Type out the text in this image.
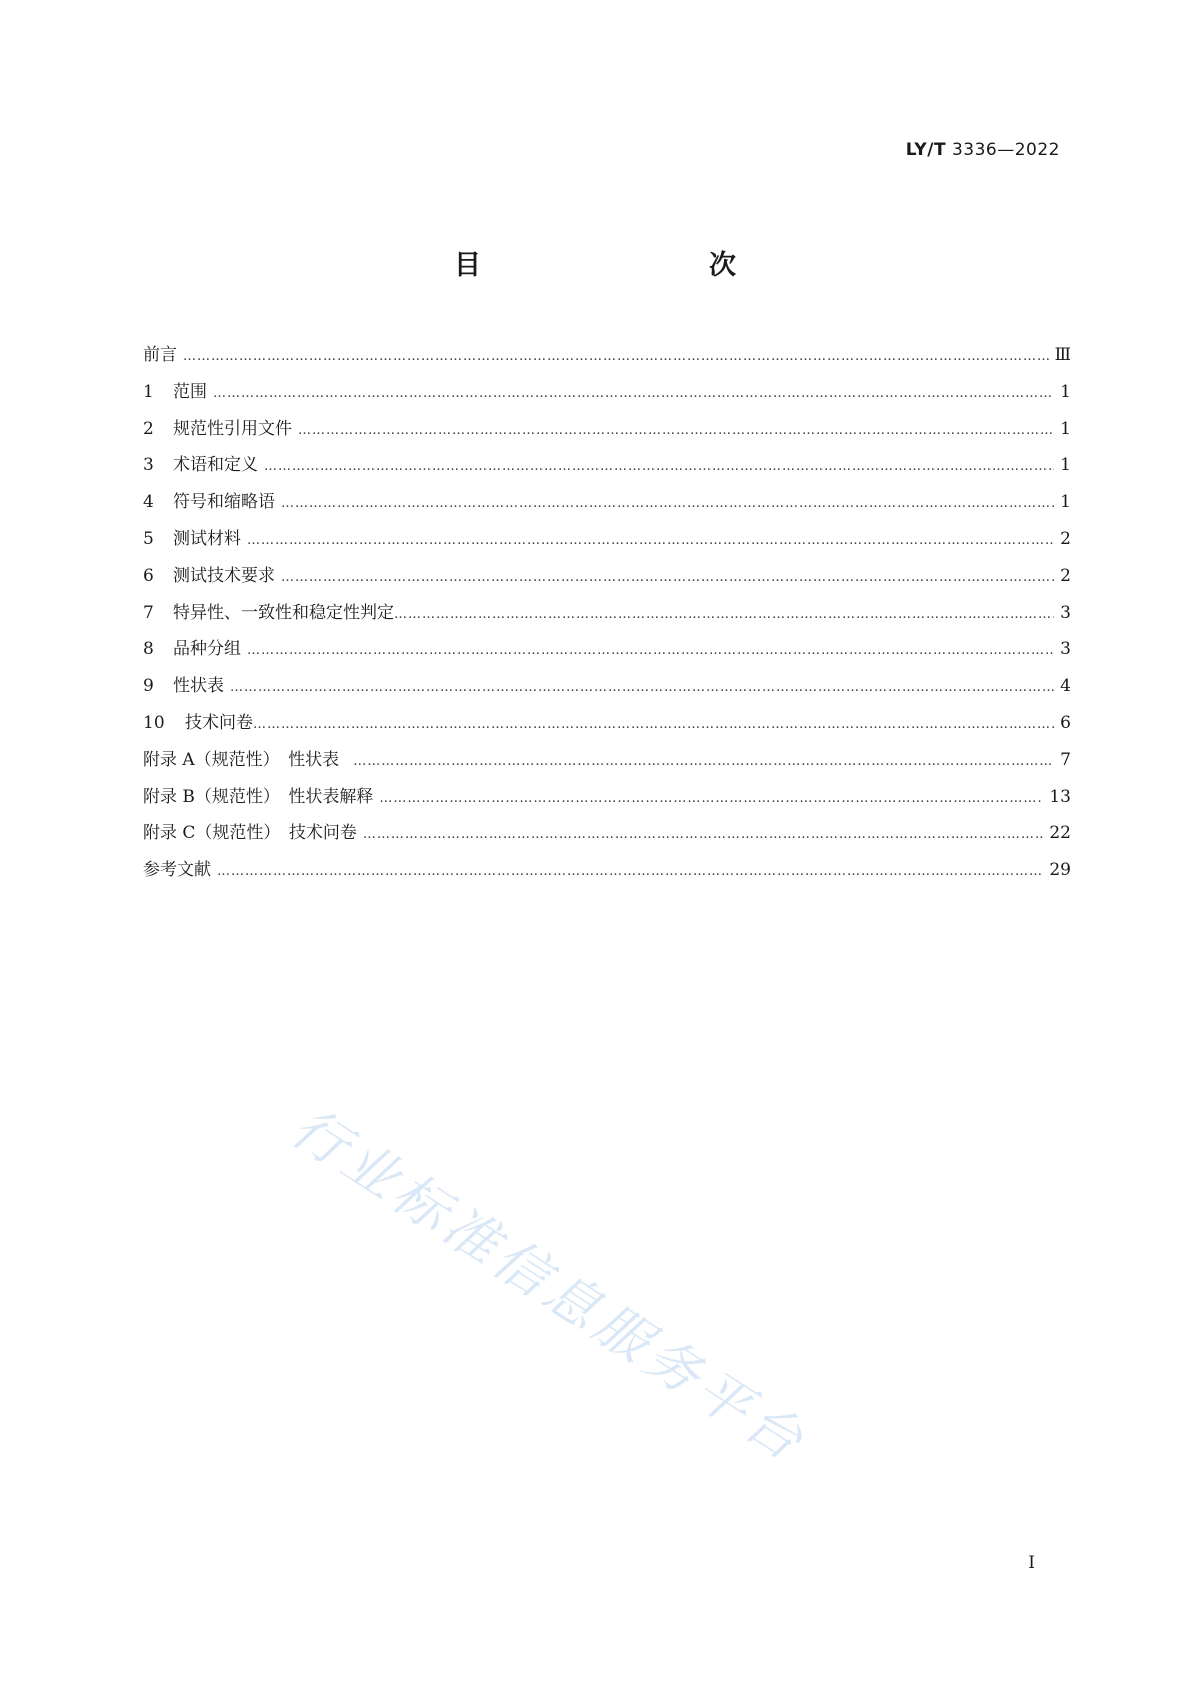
LY/T 3336—2022
目　　次
前言 ……………………………………………………………………………………………………………………………………………………………………………………………………………………………………	Ⅲ
1 范围 ……………………………………………………………………………………………………………………………………………………………………………………………………………………………………	1
2 规范性引用文件 ……………………………………………………………………………………………………………………………………………………………………………………………………………………………………	1
3 术语和定义 ……………………………………………………………………………………………………………………………………………………………………………………………………………………………………	1
4 符号和缩略语 ……………………………………………………………………………………………………………………………………………………………………………………………………………………………………	1
5 测试材料 ……………………………………………………………………………………………………………………………………………………………………………………………………………………………………	2
6 测试技术要求 ……………………………………………………………………………………………………………………………………………………………………………………………………………………………………	2
7 特异性、一致性和稳定性判定 ……………………………………………………………………………………………………………………………………………………………………………………………………………………………………	3
8 品种分组 ……………………………………………………………………………………………………………………………………………………………………………………………………………………………………	3
9 性状表 ……………………………………………………………………………………………………………………………………………………………………………………………………………………………………	4
10 技术问卷 ……………………………………………………………………………………………………………………………………………………………………………………………………………………………………	6
附录 A（规范性）　性状表 ……………………………………………………………………………………………………………………………………………………………………………………………………………………………………	7
附录 B（规范性）　性状表解释 ……………………………………………………………………………………………………………………………………………………………………………………………………………………………………	13
附录 C（规范性）　技术问卷 ……………………………………………………………………………………………………………………………………………………………………………………………………………………………………	22
参考文献 ……………………………………………………………………………………………………………………………………………………………………………………………………………………………………	29
行业标准信息服务平台
I
